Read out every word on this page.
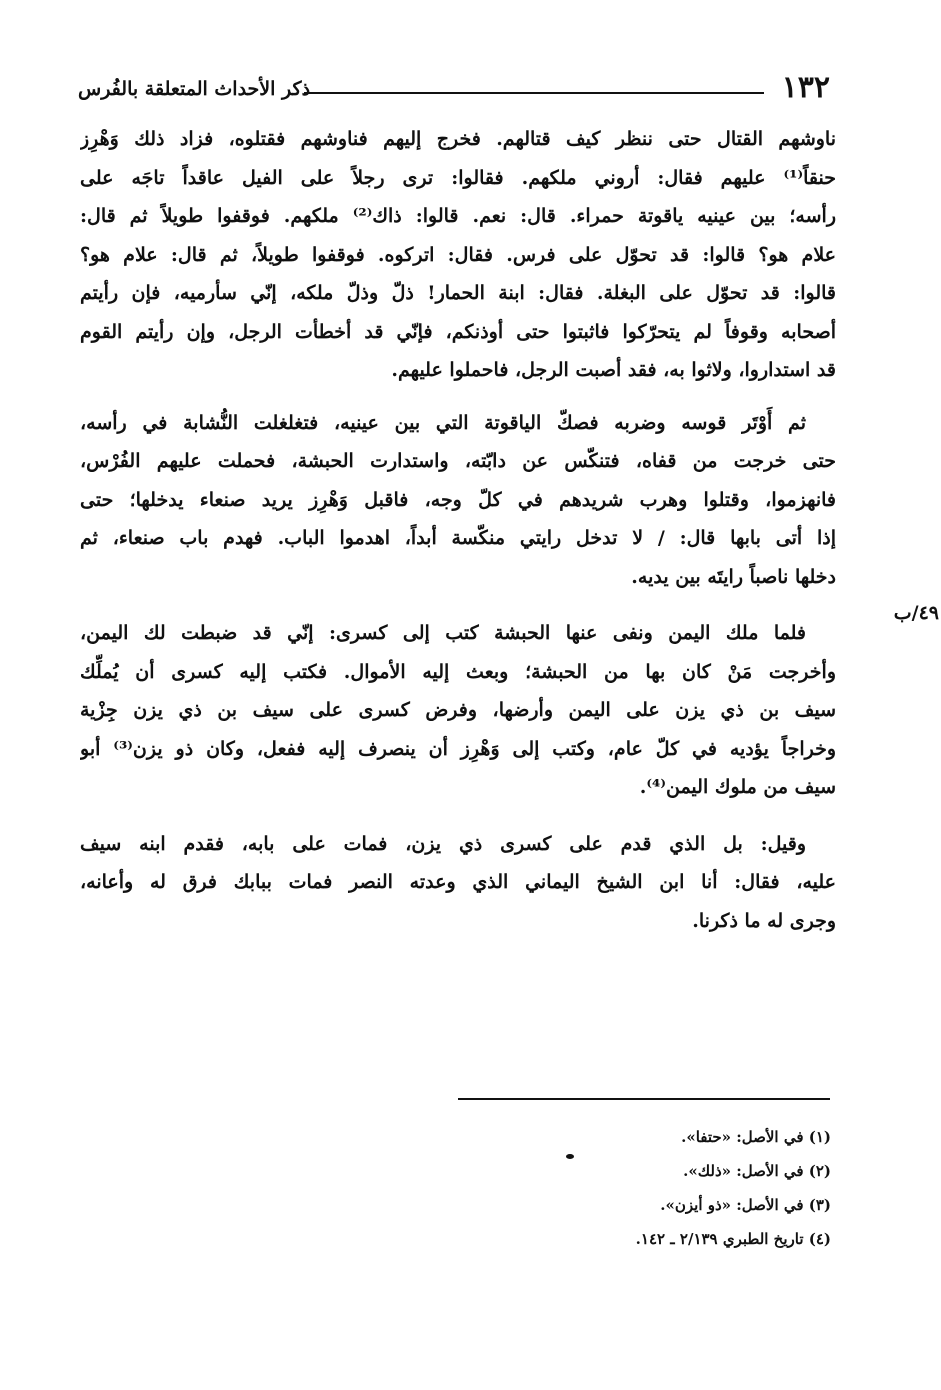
١٣٢
ذكر الأحداث المتعلقة بالفُرس
ناوشهم القتال حتى ننظر كيف قتالهم. فخرج إليهم فناوشهم فقتلوه، فزاد ذلك وَهْرِز
حنقاً⁽¹⁾ عليهم فقال: أروني ملكهم. فقالوا: ترى رجلاً على الفيل عاقداً تاجَه على
رأسه؛ بين عينيه ياقوتة حمراء. قال: نعم. قالوا: ذاك⁽²⁾ ملكهم. فوقفوا طويلاً ثم قال:
علام هو؟ قالوا: قد تحوّل على فرس. فقال: اتركوه. فوقفوا طويلاً، ثم قال: علام هو؟
قالوا: قد تحوّل على البغلة. فقال: ابنة الحمار! ذلّ وذلّ ملكه، إنّي سأرميه، فإن رأيتم
أصحابه وقوفاً لم يتحرّكوا فاثبتوا حتى أوذنكم، فإنّي قد أخطأت الرجل، وإن رأيتم القوم
قد استداروا، ولاثوا به، فقد أصبت الرجل، فاحملوا عليهم.
ثم أَوْتَر قوسه وضربه فصكّ الياقوتة التي بين عينيه، فتغلغلت النُّشابة في رأسه،
حتى خرجت من قفاه، فتنكّس عن دابّته، واستدارت الحبشة، فحملت عليهم الفُرْس،
فانهزموا، وقتلوا وهرب شريدهم في كلّ وجه، فاقبل وَهْرِز يريد صنعاء يدخلها؛ حتى
إذا أتى بابها قال: / لا تدخل رايتي منكّسة أبداً، اهدموا الباب. فهدم باب صنعاء، ثم
دخلها ناصباً رايتَه بين يديه.
فلما ملك اليمن ونفى عنها الحبشة كتب إلى كسرى: إنّي قد ضبطت لك اليمن،
وأخرجت مَنْ كان بها من الحبشة؛ وبعث إليه الأموال. فكتب إليه كسرى أن يُملِّك
سيف بن ذي يزن على اليمن وأرضها، وفرض كسرى على سيف بن ذي يزن جِزْية
وخراجاً يؤديه في كلّ عام، وكتب إلى وَهْرِز أن ينصرف إليه ففعل، وكان ذو يزن⁽³⁾ أبو
سيف من ملوك اليمن⁽⁴⁾.
وقيل: بل الذي قدم على كسرى ذي يزن، فمات على بابه، فقدم ابنه سيف
عليه، فقال: أنا ابن الشيخ اليماني الذي وعدته النصر فمات ببابك فرق له وأعانه،
وجرى له ما ذكرنا.
٤٩/ب
(١) في الأصل: «حتفا».
(٢) في الأصل: «ذلك».
(٣) في الأصل: «ذو أيزن».
(٤) تاريخ الطبري ٢/١٣٩ ـ ١٤٢.
